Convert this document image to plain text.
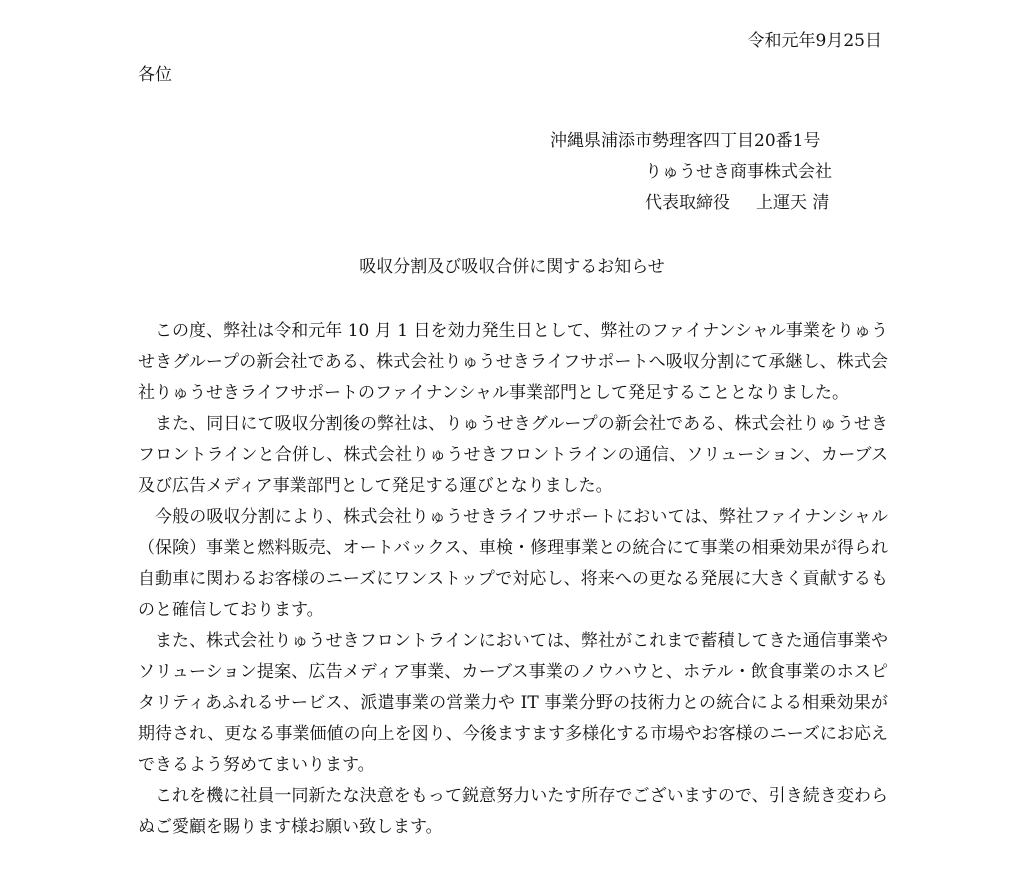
令和元年9月25日
各位
沖縄県浦添市勢理客四丁目20番1号
りゅうせき商事株式会社
代表取締役 上運天 清
吸収分割及び吸収合併に関するお知らせ

この度、弊社は令和元年 10 月 1 日を効力発生日として、弊社のファイナンシャル事業をりゅうせきグループの新会社である、株式会社りゅうせきライフサポートへ吸収分割にて承継し、株式会社りゅうせきライフサポートのファイナンシャル事業部門として発足することとなりました。

また、同日にて吸収分割後の弊社は、りゅうせきグループの新会社である、株式会社りゅうせきフロントラインと合併し、株式会社りゅうせきフロントラインの通信、ソリューション、カーブス及び広告メディア事業部門として発足する運びとなりました。

今般の吸収分割により、株式会社りゅうせきライフサポートにおいては、弊社ファイナンシャル（保険）事業と燃料販売、オートバックス、車検・修理事業との統合にて事業の相乗効果が得られ自動車に関わるお客様のニーズにワンストップで対応し、将来への更なる発展に大きく貢献するものと確信しております。

また、株式会社りゅうせきフロントラインにおいては、弊社がこれまで蓄積してきた通信事業やソリューション提案、広告メディア事業、カーブス事業のノウハウと、ホテル・飲食事業のホスピタリティあふれるサービス、派遣事業の営業力や IT 事業分野の技術力との統合による相乗効果が期待され、更なる事業価値の向上を図り、今後ますます多様化する市場やお客様のニーズにお応えできるよう努めてまいります。

これを機に社員一同新たな決意をもって鋭意努力いたす所存でございますので、引き続き変わらぬご愛顧を賜ります様お願い致します。
